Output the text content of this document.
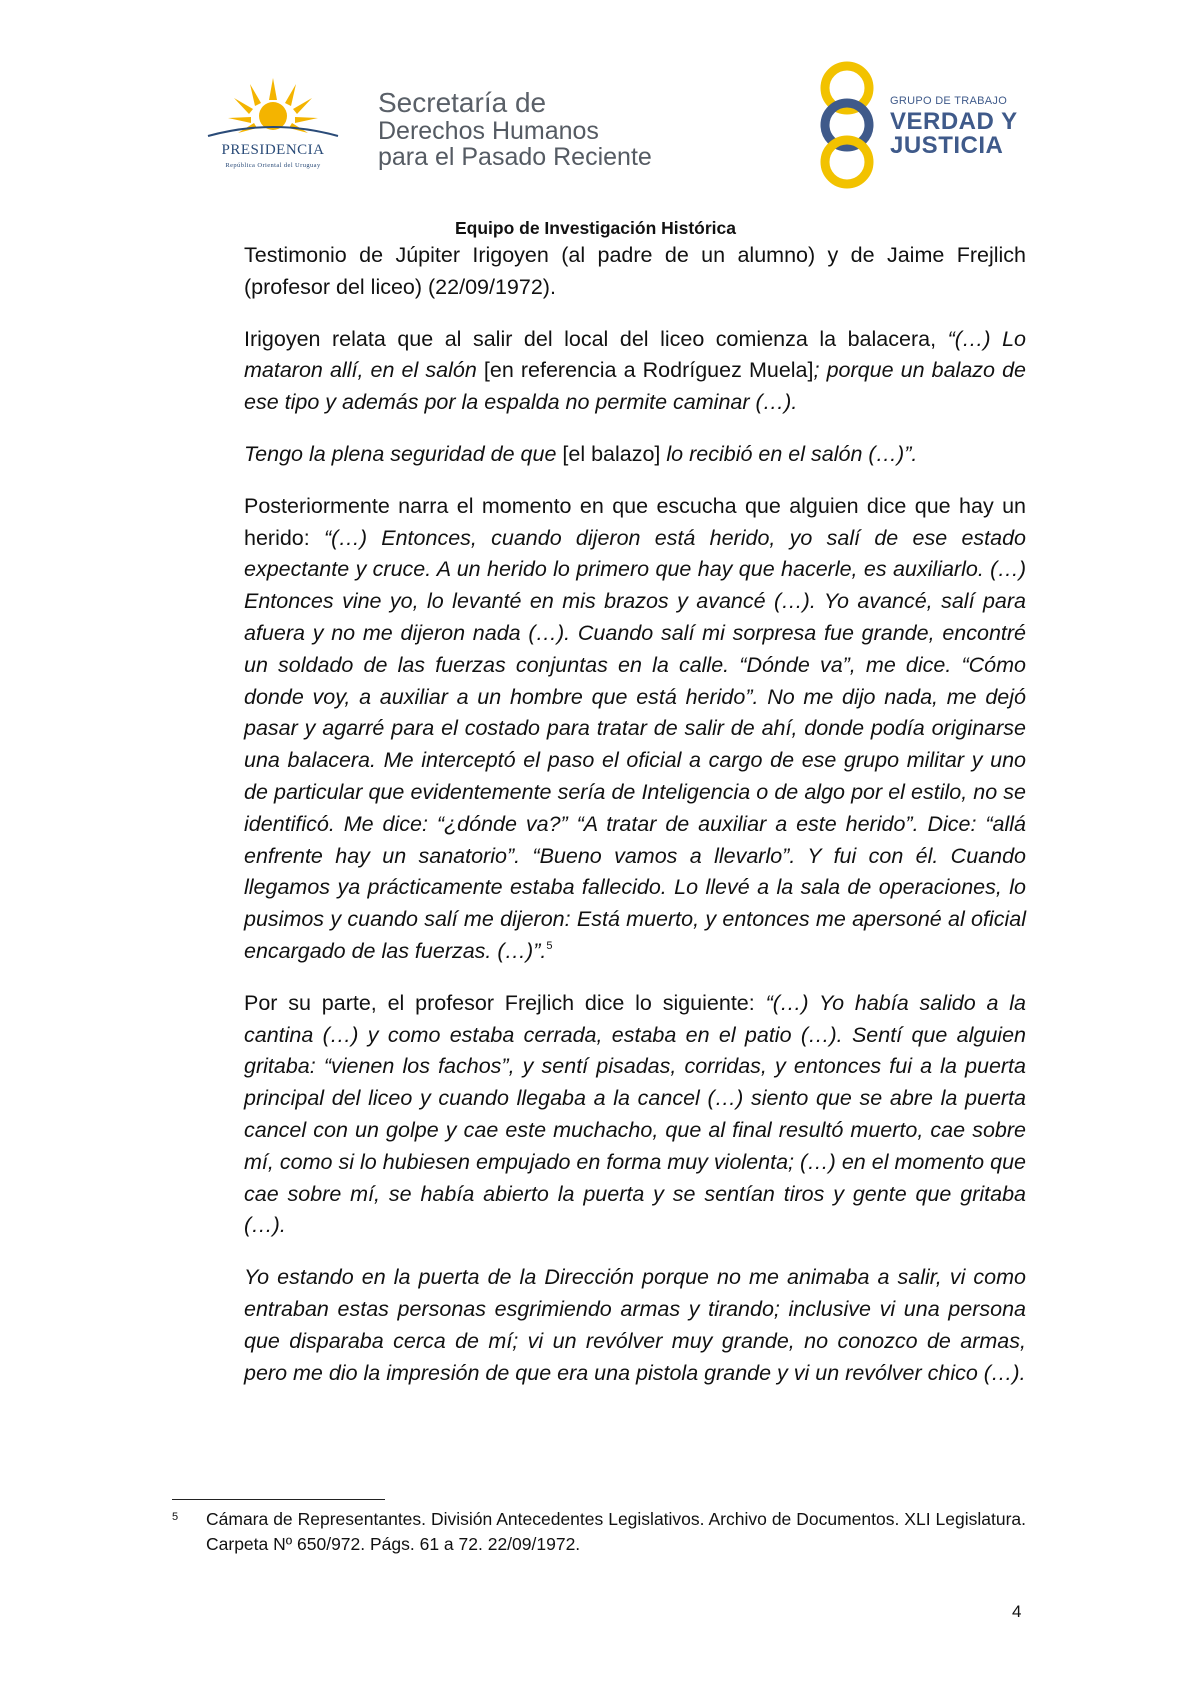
PRESIDENCIA
República Oriental del Uruguay
Secretaría de
Derechos Humanos
para el Pasado Reciente
GRUPO DE TRABAJO
VERDAD Y
JUSTICIA
Equipo de Investigación Histórica

Testimonio de Júpiter Irigoyen (al padre de un alumno) y de Jaime Frejlich (profesor del liceo) (22/09/1972).

Irigoyen relata que al salir del local del liceo comienza la balacera, “(…) Lo mataron allí, en el salón [en referencia a Rodríguez Muela]; porque un balazo de ese tipo y además por la espalda no permite caminar (…).

Tengo la plena seguridad de que [el balazo] lo recibió en el salón (…)”.

Posteriormente narra el momento en que escucha que alguien dice que hay un herido: “(…) Entonces, cuando dijeron está herido, yo salí de ese estado expectante y cruce. A un herido lo primero que hay que hacerle, es auxiliarlo. (…) Entonces vine yo, lo levanté en mis brazos y avancé (…). Yo avancé, salí para afuera y no me dijeron nada (…). Cuando salí mi sorpresa fue grande, encontré un soldado de las fuerzas conjuntas en la calle. “Dónde va”, me dice. “Cómo donde voy, a auxiliar a un hombre que está herido”. No me dijo nada, me dejó pasar y agarré para el costado para tratar de salir de ahí, donde podía originarse una balacera. Me interceptó el paso el oficial a cargo de ese grupo militar y uno de particular que evidentemente sería de Inteligencia o de algo por el estilo, no se identificó. Me dice: “¿dónde va?” “A tratar de auxiliar a este herido”. Dice: “allá enfrente hay un sanatorio”. “Bueno vamos a llevarlo”. Y fui con él. Cuando llegamos ya prácticamente estaba fallecido. Lo llevé a la sala de operaciones, lo pusimos y cuando salí me dijeron: Está muerto, y entonces me apersoné al oficial encargado de las fuerzas. (…)”.$^5$

Por su parte, el profesor Frejlich dice lo siguiente: “(…) Yo había salido a la cantina (…) y como estaba cerrada, estaba en el patio (…). Sentí que alguien gritaba: “vienen los fachos”, y sentí pisadas, corridas, y entonces fui a la puerta principal del liceo y cuando llegaba a la cancel (…) siento que se abre la puerta cancel con un golpe y cae este muchacho, que al final resultó muerto, cae sobre mí, como si lo hubiesen empujado en forma muy violenta; (…) en el momento que cae sobre mí, se había abierto la puerta y se sentían tiros y gente que gritaba (…).

Yo estando en la puerta de la Dirección porque no me animaba a salir, vi como entraban estas personas esgrimiendo armas y tirando; inclusive vi una persona que disparaba cerca de mí; vi un revólver muy grande, no conozco de armas, pero me dio la impresión de que era una pistola grande y vi un revólver chico (…).

5 Cámara de Representantes. División Antecedentes Legislativos. Archivo de Documentos. XLI Legislatura. Carpeta Nº 650/972. Págs. 61 a 72. 22/09/1972.
4
